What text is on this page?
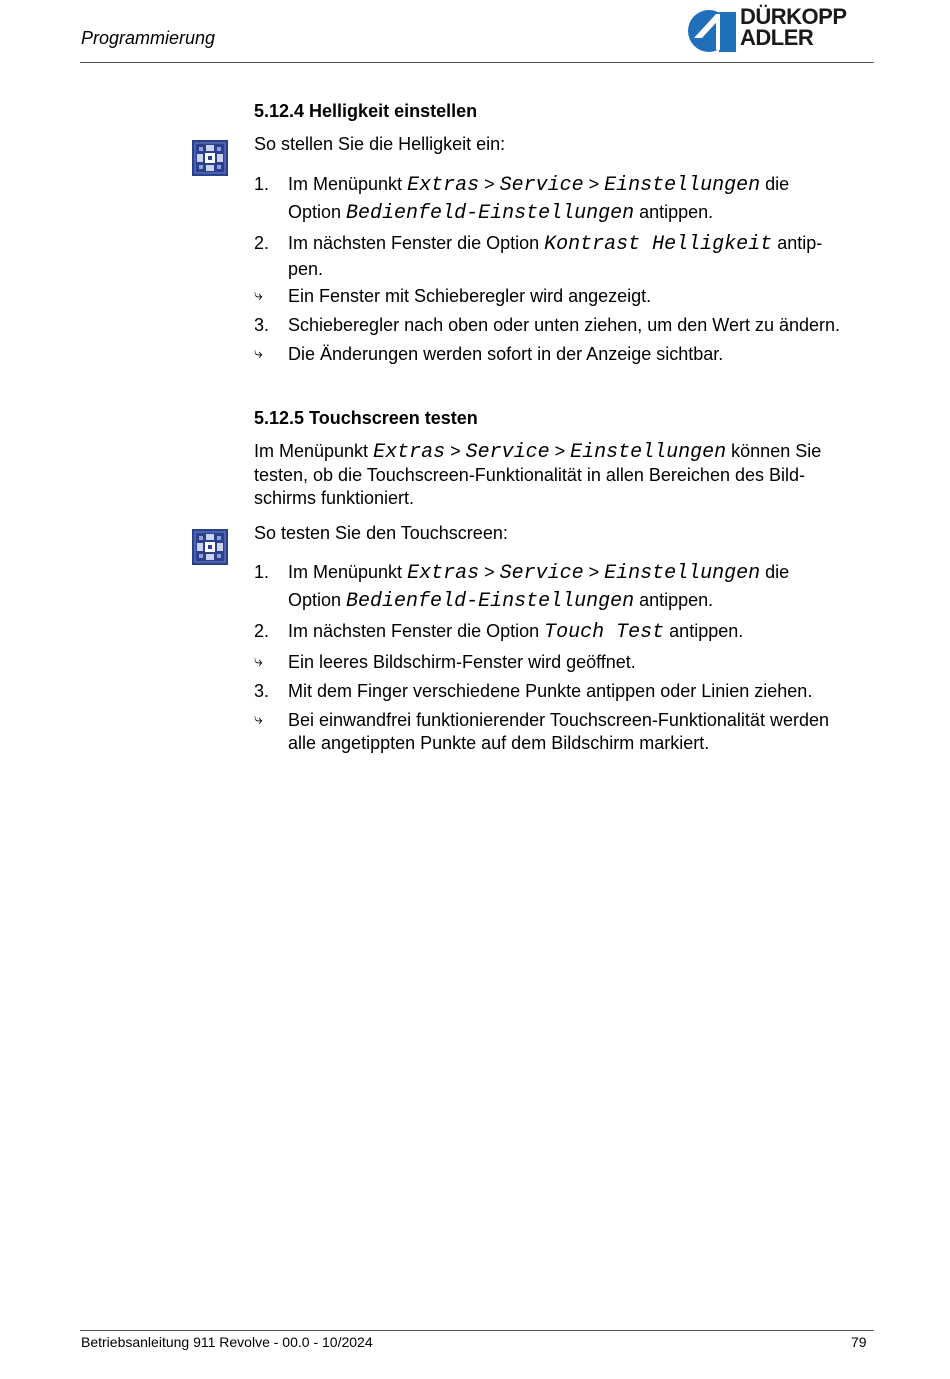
Programmierung
DÜRKOPP
ADLER
5.12.4 Helligkeit einstellen
So stellen Sie die Helligkeit ein:
1.	Im Menüpunkt Extras > Service > Einstellungen die
Option Bedienfeld-Einstellungen antippen.
2.	Im nächsten Fenster die Option Kontrast Helligkeit antip-
pen.
⤷	Ein Fenster mit Schieberegler wird angezeigt.
3.	Schieberegler nach oben oder unten ziehen, um den Wert zu ändern.
⤷	Die Änderungen werden sofort in der Anzeige sichtbar.
5.12.5 Touchscreen testen
Im Menüpunkt Extras > Service > Einstellungen können Sie
testen, ob die Touchscreen-Funktionalität in allen Bereichen des Bild-
schirms funktioniert.
So testen Sie den Touchscreen:
1.	Im Menüpunkt Extras > Service > Einstellungen die
Option Bedienfeld-Einstellungen antippen.
2.	Im nächsten Fenster die Option Touch Test antippen.
⤷	Ein leeres Bildschirm-Fenster wird geöffnet.
3.	Mit dem Finger verschiedene Punkte antippen oder Linien ziehen.
⤷	Bei einwandfrei funktionierender Touchscreen-Funktionalität werden
alle angetippten Punkte auf dem Bildschirm markiert.
Betriebsanleitung 911 Revolve - 00.0 - 10/2024	79
